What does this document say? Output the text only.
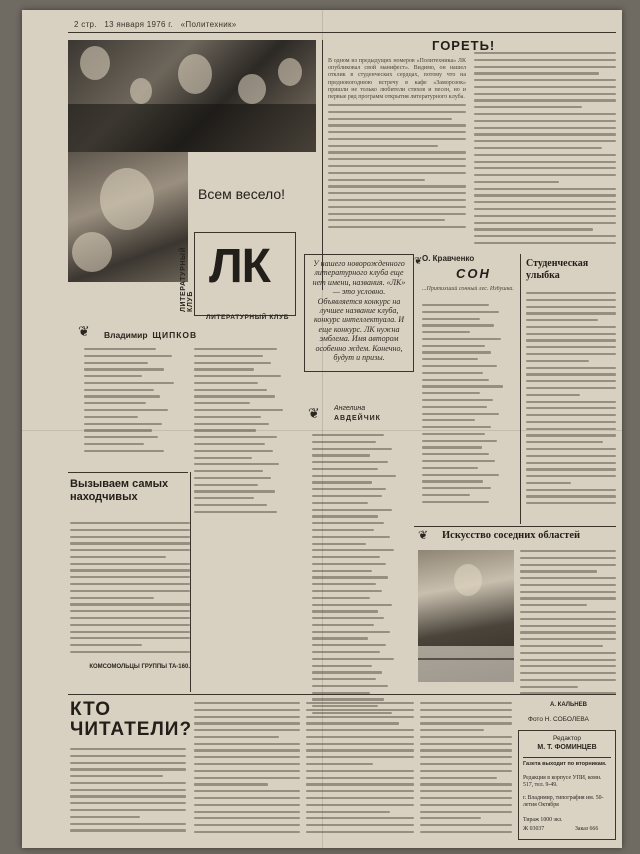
2 стр. 13 января 1976 г. «Политехник»
Всем весело!
ГОРЕТЬ!
В одном из предыдущих номеров «Политехника» ЛК опубликовал свой манифест». Видимо, он нашел отклик в студенческих сердцах, потому что на предновогоднюю встречу в кафе «Заморозок» пришли не только любители стихов и песен, но и первые ряд программ открытия литературного клуба.
ЛК
ЛИТЕРАТУРНЫЙ КЛУБ
ЛИТЕРАТУРНЫЙ КЛУБ
У нашего новорожденного литературного клуба еще нет имени, названия. «ЛК» — это условно. Объявляется конкурс на лучшее название клуба, конкурс интеллектуала. И еще конкурс. ЛК нужна эмблема. Имя автором особенно ждем. Конечно, будут и призы.
О. Кравченко
❦
СОН
...Притихший сонный лес. Избушка.
Студенческая улыбка
❦ Владимир ЩИПКОВ
❦ Ангелина
АВДЕЙЧИК
Вызываем самых находчивых
КОМСОМОЛЬЦЫ ГРУППЫ ТА-160.
❦ Искусство соседних областей
А. КАЛЬНЕВ
КТО ЧИТАТЕЛИ?	Фото Н. СОБОЛЕВА
Редактор
М. Т. ФОМИНЦЕВ
Газета выходит по вторникам.
Редакция в корпусе УПИ, комн. 517, тел. 9-49.
г. Владимир, типография им. 50-летия Октября
Тираж 1000 экз.
Ж 03037	Заказ 666
